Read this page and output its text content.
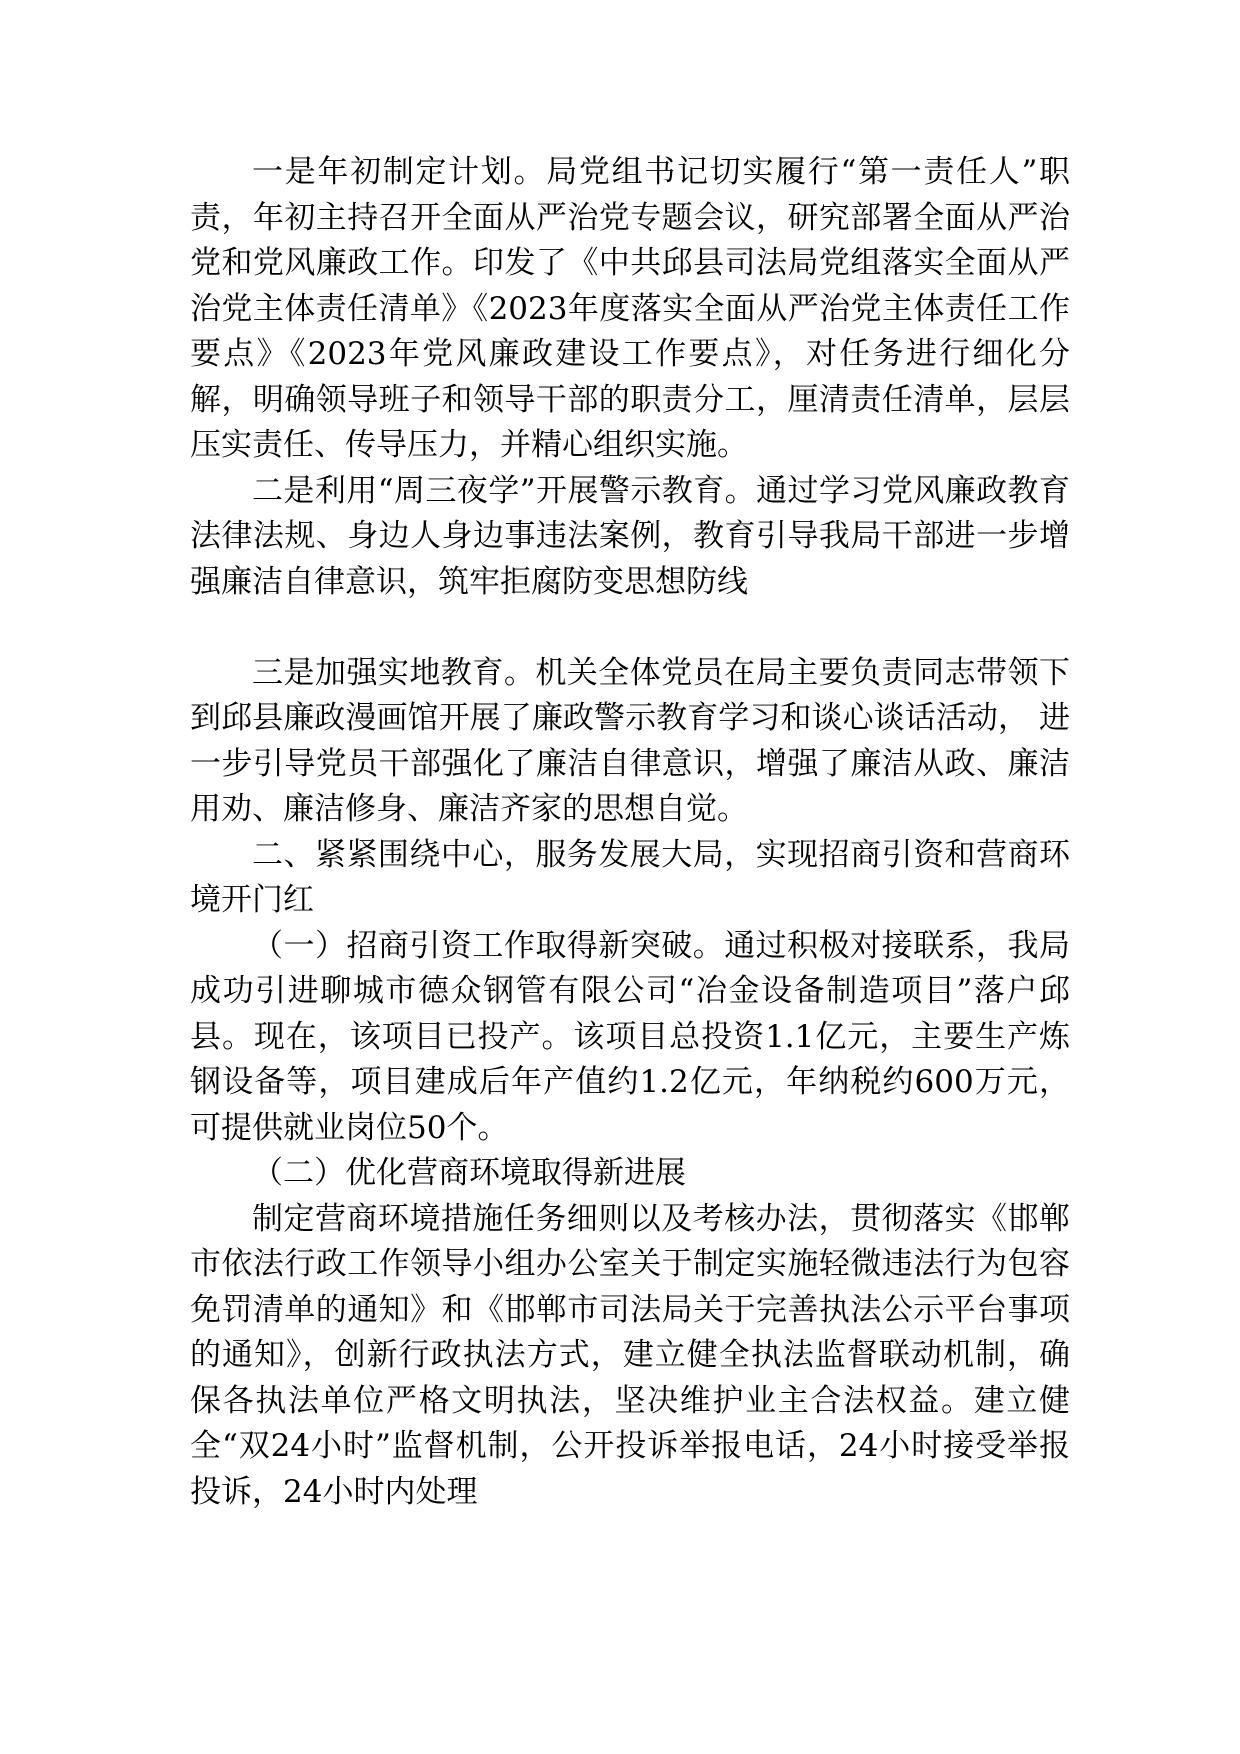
一是年初制定计划。局党组书记切实履行“第一责任人”职责，年初主持召开全面从严治党专题会议，研究部署全面从严治党和党风廉政工作。印发了《中共邱县司法局党组落实全面从严治党主体责任清单》《2023年度落实全面从严治党主体责任工作要点》《2023年党风廉政建设工作要点》，对任务进行细化分解，明确领导班子和领导干部的职责分工，厘清责任清单，层层压实责任、传导压力，并精心组织实施。

二是利用“周三夜学”开展警示教育。通过学习党风廉政教育法律法规、身边人身边事违法案例，教育引导我局干部进一步增强廉洁自律意识，筑牢拒腐防变思想防线

三是加强实地教育。机关全体党员在局主要负责同志带领下到邱县廉政漫画馆开展了廉政警示教育学习和谈心谈话活动， 进一步引导党员干部强化了廉洁自律意识，增强了廉洁从政、廉洁用劝、廉洁修身、廉洁齐家的思想自觉。

二、紧紧围绕中心，服务发展大局，实现招商引资和营商环境开门红

（一）招商引资工作取得新突破。通过积极对接联系，我局成功引进聊城市德众钢管有限公司“冶金设备制造项目”落户邱县。现在，该项目已投产。该项目总投资1.1亿元，主要生产炼钢设备等，项目建成后年产值约1.2亿元，年纳税约600万元，可提供就业岗位50个。

（二）优化营商环境取得新进展

制定营商环境措施任务细则以及考核办法，贯彻落实《邯郸市依法行政工作领导小组办公室关于制定实施轻微违法行为包容免罚清单的通知》和《邯郸市司法局关于完善执法公示平台事项的通知》，创新行政执法方式，建立健全执法监督联动机制，确保各执法单位严格文明执法，坚决维护业主合法权益。建立健全“双24小时”监督机制，公开投诉举报电话，24小时接受举报投诉，24小时内处理
